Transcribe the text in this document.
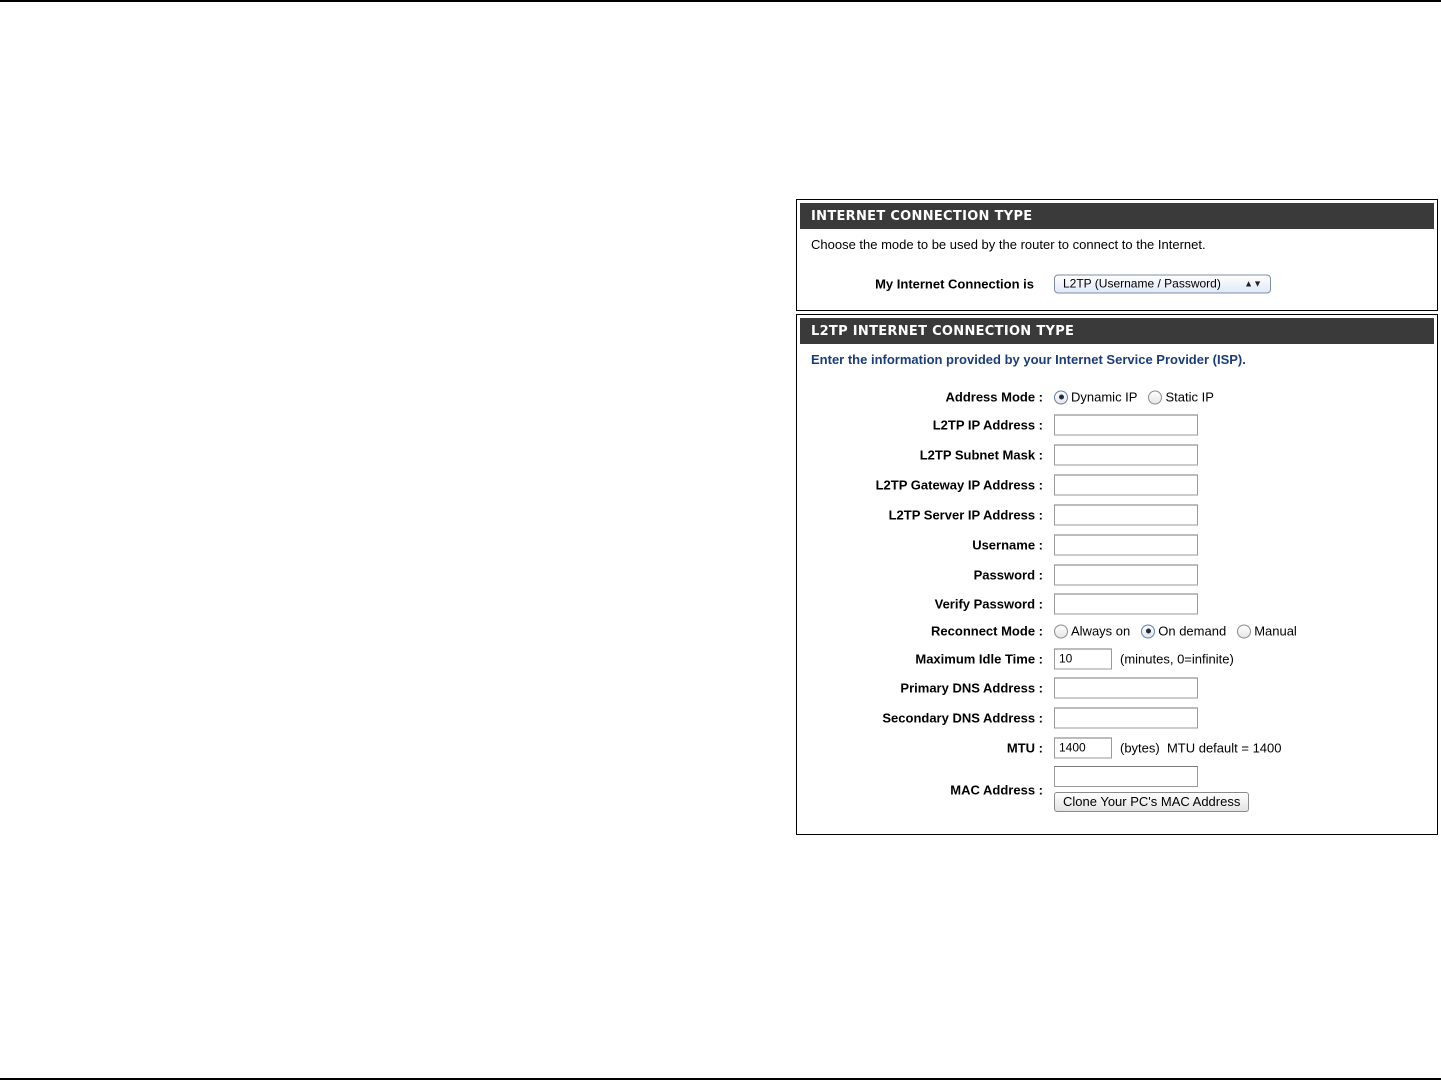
INTERNET CONNECTION TYPE
Choose the mode to be used by the router to connect to the Internet.
My Internet Connection is	L2TP (Username / Password)	▲▼
L2TP INTERNET CONNECTION TYPE
Enter the information provided by your Internet Service Provider (ISP).
Address Mode : Dynamic IP Static IP
L2TP IP Address :
L2TP Subnet Mask :
L2TP Gateway IP Address :
L2TP Server IP Address :
Username :
Password :
Verify Password :
Reconnect Mode : Always on On demand Manual
Maximum Idle Time :	10	(minutes, 0=infinite)
Primary DNS Address :
Secondary DNS Address :
MTU :	1400	(bytes)  MTU default = 1400
MAC Address :
Clone Your PC's MAC Address
